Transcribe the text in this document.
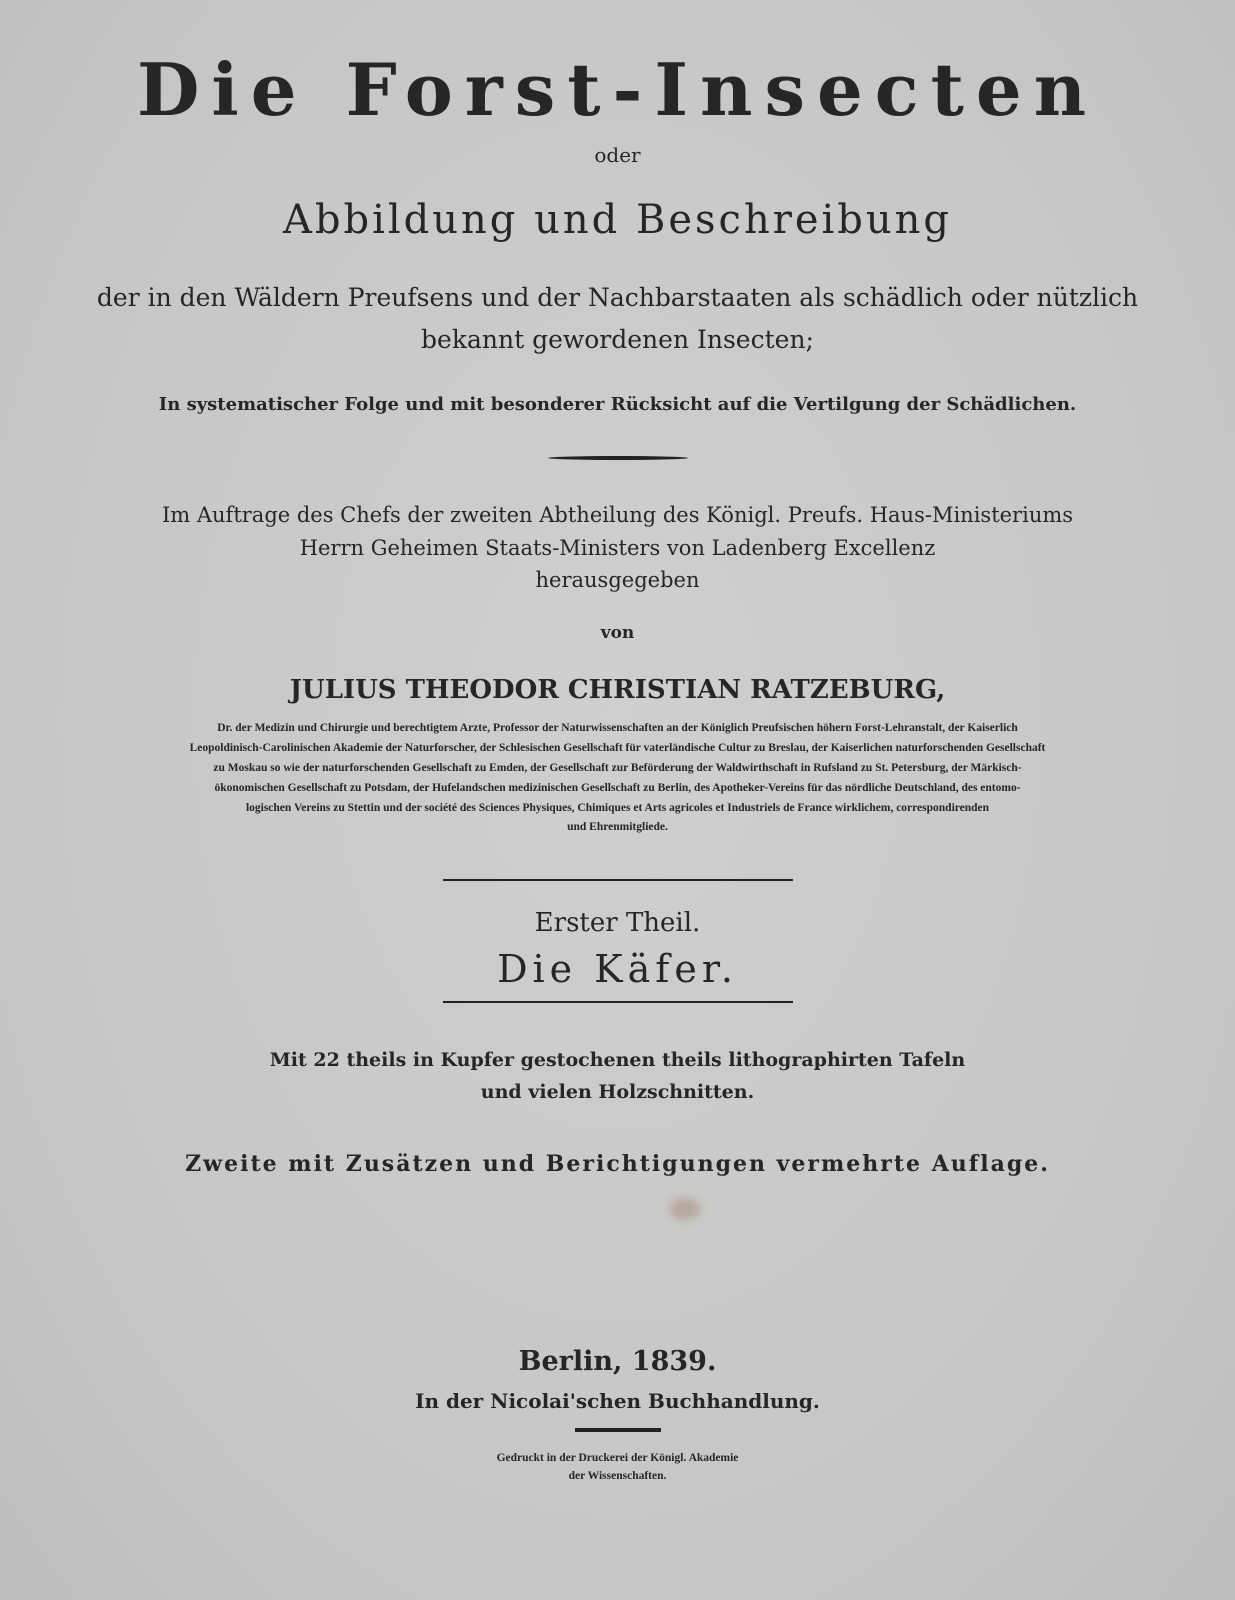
Die Forst-Insecten
oder
Abbildung und Beschreibung
der in den Wäldern Preufsens und der Nachbarstaaten als schädlich oder nützlich
bekannt gewordenen Insecten;
In systematischer Folge und mit besonderer Rücksicht auf die Vertilgung der Schädlichen.
Im Auftrage des Chefs der zweiten Abtheilung des Königl. Preufs. Haus-Ministeriums
Herrn Geheimen Staats-Ministers von Ladenberg Excellenz
herausgegeben
von
JULIUS THEODOR CHRISTIAN RATZEBURG,
Dr. der Medizin und Chirurgie und berechtigtem Arzte, Professor der Naturwissenschaften an der Königlich Preufsischen höhern Forst-Lehranstalt, der Kaiserlich
Leopoldinisch-Carolinischen Akademie der Naturforscher, der Schlesischen Gesellschaft für vaterländische Cultur zu Breslau, der Kaiserlichen naturforschenden Gesellschaft
zu Moskau so wie der naturforschenden Gesellschaft zu Emden, der Gesellschaft zur Beförderung der Waldwirthschaft in Rufsland zu St. Petersburg, der Märkisch-
ökonomischen Gesellschaft zu Potsdam, der Hufelandschen medizinischen Gesellschaft zu Berlin, des Apotheker-Vereins für das nördliche Deutschland, des entomo-
logischen Vereins zu Stettin und der société des Sciences Physiques, Chimiques et Arts agricoles et Industriels de France wirklichem, correspondirenden
und Ehrenmitgliede.
Erster Theil.
Die Käfer.
Mit 22 theils in Kupfer gestochenen theils lithographirten Tafeln
und vielen Holzschnitten.
Zweite mit Zusätzen und Berichtigungen vermehrte Auflage.
Berlin, 1839.
In der Nicolai'schen Buchhandlung.
Gedruckt in der Druckerei der Königl. Akademie
der Wissenschaften.
